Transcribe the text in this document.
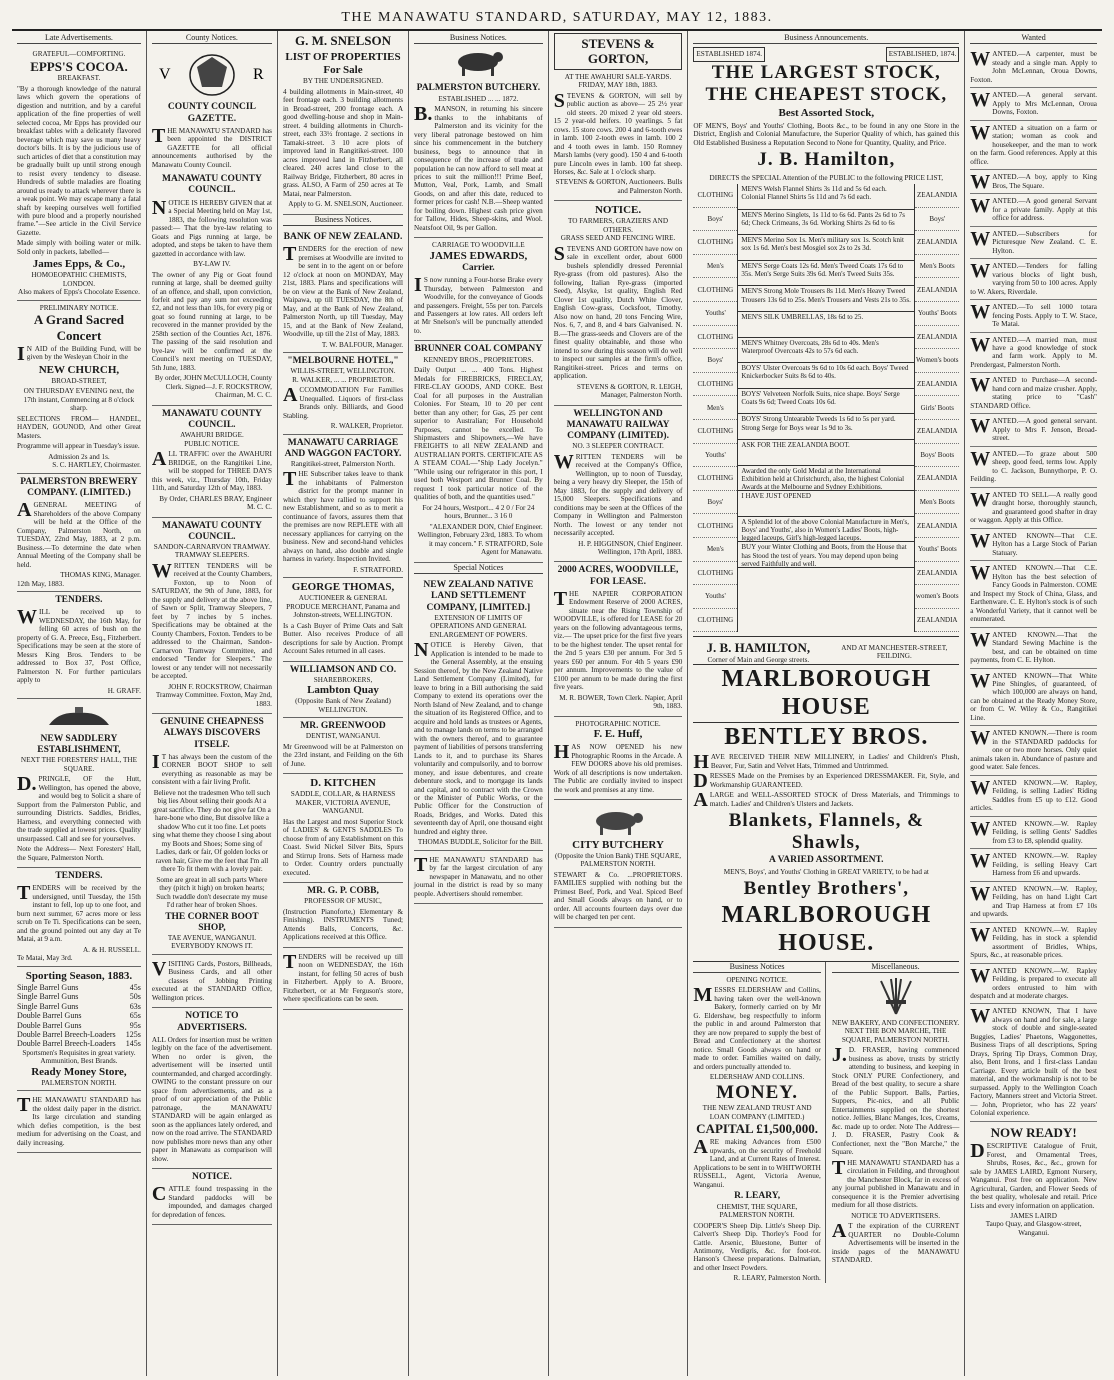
THE MANAWATU STANDARD, SATURDAY, MAY 12, 1883.
Late Advertisements.
GRATEFUL—COMFORTING.
EPPS'S COCOA.
BREAKFAST.

"By a thorough knowledge of the natural laws which govern the operations of digestion and nutrition, and by a careful application of the fine properties of well selected cocoa, Mr Epps has provided our breakfast tables with a delicately flavored beverage which may save us many heavy doctor's bills. It is by the judicious use of such articles of diet that a constitution may be gradually built up until strong enough to resist every tendency to disease. Hundreds of subtle maladies are floating around us ready to attack wherever there is a weak point. We may escape many a fatal shaft by keeping ourselves well fortified with pure blood and a properly nourished frame."—See article in the Civil Service Gazette.

Made simply with boiling water or milk. Sold only in packets, labelled—

James Epps, & Co.,
HOMOEOPATHIC CHEMISTS, LONDON.
Also makers of Epps's Chocolate Essence.
PRELIMINARY NOTICE.
A Grand Sacred Concert

IN AID of the Building Fund, will be given by the Wesleyan Choir in the

NEW CHURCH,
BROAD-STREET,

ON THURSDAY EVENING next, the 17th instant, Commencing at 8 o'clock sharp.

SELECTIONS FROM— HANDEL, HAYDEN, GOUNOD, And other Great Masters.

Programme will appear in Tuesday's issue.

Admission 2s and 1s.
S. C. HARTLEY, Choirmaster.
PALMERSTON BREWERY COMPANY. (LIMITED.)

AGENERAL MEETING of Shareholders of the above Company will be held at the Office of the Company, Palmerston North, on TUESDAY, 22nd May, 1883, at 2 p.m. Business.—To determine the date when Annual Meeting of the Company shall be held.

THOMAS KING, Manager.
12th May, 1883.
TENDERS.

WILL be received up to WEDNESDAY, the 16th May, for felling 60 acres of bush on the property of G. A. Preece, Esq., Fitzherbert. Specifications may be seen at the store of Messrs King Bros. Tenders to be addressed to Box 37, Post Office, Palmerston N. For further particulars apply to

H. GRAFF.
NEW SADDLERY ESTABLISHMENT,
NEXT THE FORESTERS' HALL, THE SQUARE.

D.PRINGLE, OF the Hutt, Wellington, has opened the above, and would beg to Solicit a share of Support from the Palmerston Public, and surrounding Districts. Saddles, Bridles, Harness, and everything connected with the trade supplied at lowest prices. Quality unsurpassed. Call and see for yourselves.

Note the Address— Next Foresters' Hall, the Square, Palmerston North.

TENDERS.

TENDERS will be received by the undersigned, until Tuesday, the 15th instant to fell, lop up to one foot, and burn next summer, 67 acres more or less scrub on Te Ti. Specifications can be seen, and the ground pointed out any day at Te Matai, at 9 a.m.

A. & H. RUSSELL.
Te Matai, May 3rd.
Sporting Season, 1883.
Single Barrel Guns	45s
Single Barrel Guns	50s
Single Barrel Guns	63s
Double Barrel Guns	65s
Double Barrel Guns	95s
Double Barrel Breech-Loaders 125s
Double Barrel Breech-Loaders 145s
Sportsmen's Requisites in great variety.
Ammunition, Best Brands.
Ready Money Store,
PALMERSTON NORTH.

THE MANAWATU STANDARD has the oldest daily paper in the district. Its large circulation and standing which defies competition, is the best medium for advertising on the Coast, and daily increasing.

County Notices.
V	R
COUNTY COUNCIL GAZETTE.

THE MANAWATU STANDARD has been appointed the DISTRICT GAZETTE for all official announcements authorised by the Manawatu County Council.

MANAWATU COUNTY COUNCIL.

NOTICE IS HEREBY GIVEN that at a Special Meeting held on May 1st, 1883, the following resolution was passed:— That the bye-law relating to Goats and Pigs running at large, be adopted, and steps be taken to have them gazetted in accordance with law.

BY-LAW IV.

The owner of any Pig or Goat found running at large, shall be deemed guilty of an offence, and shall, upon conviction, forfeit and pay any sum not exceeding £2, and not less than 10s, for every pig or goat so found running at large, to be recovered in the manner provided by the 258th section of the Counties Act, 1876. The passing of the said resolution and bye-law will be confirmed at the Council's next meeting on TUESDAY, 5th June, 1883.

By order, JOHN McCULLOCH, County Clerk. Signed—J. F. ROCKSTROW, Chairman, M. C. C.

MANAWATU COUNTY COUNCIL.
AWAHURI BRIDGE.
PUBLIC NOTICE.

ALL TRAFFIC over the AWAHURI BRIDGE, on the Rangitikei Line, will be stopped for THREE DAYS this week, viz., Thursday 10th, Friday 11th, and Saturday 12th of May, 1883.

By Order, CHARLES BRAY, Engineer M. C. C.

MANAWATU COUNTY COUNCIL.
SANDON-CARNARVON TRAMWAY.
TRAMWAY SLEEPERS.

WRITTEN TENDERS will be received at the County Chambers, Foxton, up to Noon of SATURDAY, the 9th of June, 1883, for the supply and delivery at the above line, of Sawn or Split, Tramway Sleepers, 7 feet by 7 inches by 5 inches. Specifications may be obtained at the County Chambers, Foxton. Tenders to be addressed to the Chairman, Sandon-Carnarvon Tramway Committee, and endorsed "Tender for Sleepers." The lowest or any tender will not necessarily be accepted.

JOHN F. ROCKSTROW, Chairman Tramway Committee. Foxton, May 2nd, 1883.

GENUINE CHEAPNESS ALWAYS DISCOVERS ITSELF.

IT has always been the custom of the CORNER BOOT SHOP to sell everything as reasonable as may be consistent with a fair living Profit.

Believe not the tradesmen Who tell such big lies About selling their goods At a great sacrifice. They do not give fat On a hare-bone who dine, But dissolve like a shadow Who cut it too fine. Let poets sing what theme they choose I sing about my Boots and Shoes; Some sing of Ladies, dark or fair, Of golden locks or raven hair, Give me the feet that I'm all there To fit them with a lovely pair.

Some are great in all such parts Where they (pitch it high) on broken hearts; Such twaddle don't desecrate my muse I'd rather hear of broken Shoes.

THE CORNER BOOT SHOP,
TAE AVENUE, WANGANUI.
EVERYBODY KNOWS IT.

VISITING Cards, Postors, Billheads, Business Cards, and all other classes of Jobbing Printing executed at the STANDARD Office, Wellington prices.

NOTICE TO ADVERTISERS.

ALL Orders for insertion must be written legibly on the face of the advertisement. When no order is given, the advertisement will be inserted until countermanded, and charged accordingly. OWING to the constant pressure on our space from advertisements, and as a proof of our appreciation of the Public patronage, the MANAWATU STANDARD will be again enlarged as soon as the appliances lately ordered, and now on the road arrive. The STANDARD now publishes more news than any other paper in Manawatu as comparison will show.

NOTICE.

CATTLE found trespassing in the Standard paddocks will be impounded, and damages charged for depredation of fences.

G. M. SNELSON
LIST OF PROPERTIES For Sale
BY THE UNDERSIGNED.

4 building allotments in Main-street, 40 feet frontage each. 3 building allotments in Broad-street, 200 frontage each. A good dwelling-house and shop in Main-street. 4 building allotments in Church-street, each 33½ frontage. 2 sections in Tamaki-street. 3 10 acre plots of improved land in Rangitikei-street. 100 acres improved land in Fitzherbert, all cleared. 240 acres land close to the Railway Bridge, Fitzherbert, 80 acres in grass. ALSO, A Farm of 250 acres at Te Matai, near Palmerston.

Apply to G. M. SNELSON, Auctioneer.

Business Notices.
BANK OF NEW ZEALAND.

TENDERS for the erection of new premises at Woodville are invited to be sent in to the agent on or before 12 o'clock at noon on MONDAY, May 21st, 1883. Plans and specifications will be on view at the Bank of New Zealand, Waipawa, up till TUESDAY, the 8th of May, and at the Bank of New Zealand, Palmerston North, up till Tuesday, May 15, and at the Bank of New Zealand, Woodville, up till the 21st of May, 1883.

T. W. BALFOUR, Manager.
"MELBOURNE HOTEL,"
WILLIS-STREET, WELLINGTON.
R. WALKER, ... ... PROPRIETOR.

ACCOMMODATION For Families Unequalled. Liquors of first-class Brands only. Billiards, and Good Stabling.

R. WALKER, Proprietor.
MANAWATU CARRIAGE AND WAGGON FACTORY.
Rangitikei-street, Palmerston North.

THE Subscriber takes leave to thank the inhabitants of Palmerston district for the prompt manner in which they have rallied to support his new Establishment, and so as to merit a continuance of favors, assures them that the premises are now REPLETE with all necessary appliances for carrying on the business. New and second-hand vehicles always on hand, also double and single harness in variety. Inspection Invited.

F. STRATFORD.
GEORGE THOMAS,
AUCTIONEER & GENERAL PRODUCE MERCHANT, Panama and Johnston-streets, WELLINGTON.

Is a Cash Buyer of Prime Oats and Salt Butter. Also receives Produce of all descriptions for sale by Auction. Prompt Account Sales returned in all cases.

WILLIAMSON AND CO.
SHAREBROKERS,
Lambton Quay
(Opposite Bank of New Zealand) WELLINGTON.
MR. GREENWOOD
DENTIST, WANGANUI.

Mr Greenwood will be at Palmerston on the 23rd instant, and Feilding on the 6th of June.

D. KITCHEN
SADDLE, COLLAR, & HARNESS MAKER, VICTORIA AVENUE, WANGANUI.

Has the Largest and most Superior Stock of LADIES' & GENTS SADDLES To choose from of any Establishment on this Coast. Swid Nickel Silver Bits, Spurs and Stirrup Irons. Sets of Harness made to Order. Country orders punctually executed.

MR. G. P. COBB,
PROFESSOR OF MUSIC,

(Instruction Pianoforte,) Elementary & Finishing). INSTRUMENTS Tuned; Attends Balls, Concerts, &c. Applications received at this Office.

TENDERS will be received up till noon on WEDNESDAY, the 16th instant, for felling 50 acres of bush in Fitzherbert. Apply to A. Broore, Fitzherbert, or at Mr Ferguson's store, where specifications can be seen.

Business Notices.
PALMERSTON BUTCHERY.
ESTABLISHED ... ... 1872.

B.MANSON, in returning his sincere thanks to the inhabitants of Palmerston and its vicinity for the very liberal patronage bestowed on him since his commencement in the butchery business, begs to announce that in consequence of the increase of trade and population he can now afford to sell meat at prices to suit the million!!! Prime Beef, Mutton, Veal, Pork, Lamb, and Small Goods, on and after this date, reduced to former prices for cash! N.B.—Sheep wanted for boiling down. Highest cash price given for Tallow, Hides, Sheep-skins, and Wool. Neatsfoot Oil, 9s per Gallon.

CARRIAGE TO WOODVILLE
JAMES EDWARDS,
Carrier.

IS now running a Four-horse Brake every Thursday, between Palmerston and Woodville, for the conveyance of Goods and passengers. Freight, 55s per ton. Parcels and Passengers at low rates. All orders left at Mr Snelson's will be punctually attended to.

BRUNNER COAL COMPANY
KENNEDY BROS., PROPRIETORS.

Daily Output ... ... 400 Tons. Highest Medals for FIREBRICKS, FIRECLAY, FIRE-CLAY GOODS, AND COKE. Best Coal for all purposes in the Australian Colonies. For Steam, 10 to 20 per cent better than any other; for Gas, 25 per cent superior to Australian; For Household Purposes, cannot be excelled. To Shipmasters and Shipowners,—We have FREIGHTS to all NEW ZEALAND and AUSTRALIAN PORTS. CERTIFICATE AS A STEAM COAL—"Ship Lady Jocelyn." "While using our refrigerator in this port, I used both Westport and Brunner Coal. By request I took particular notice of the qualities of both, and the quantities used."

For 24 hours, Westport... 4 2 0 / For 24 hours, Brunner... 3 16 0

"ALEXANDER DON, Chief Engineer. Wellington, February 23rd, 1883. To whom it may concern." F. STRATFORD, Sole Agent for Manawatu.

Special Notices
NEW ZEALAND NATIVE LAND SETTLEMENT COMPANY, [LIMITED.]
EXTENSION OF LIMITS OF OPERATIONS AND GENERAL ENLARGEMENT OF POWERS.

NOTICE is Hereby Given, that Application is intended to be made to the General Assembly, at the ensuing Session thereof, by the New Zealand Native Land Settlement Company (Limited), for leave to bring in a Bill authorising the said Company to extend its operations over the North Island of New Zealand, and to change the situation of its Registered Office, and to acquire and hold lands as trustees or Agents, and to manage lands on terms to be arranged with the owners thereof, and to guarantee payment of liabilities of persons transferring Lands to it, and to purchase its Shares voluntarily and compulsorily, and to borrow money, and issue debentures, and create debenture stock, and to mortgage its lands and capital, and to contract with the Crown or the Minister of Public Works, or the Public Officer for the Construction of Roads, Bridges, and Works. Dated this seventeenth day of April, one thousand eight hundred and eighty three.

THOMAS BUDDLE, Solicitor for the Bill.

THE MANAWATU STANDARD has by far the largest circulation of any newspaper in Manawatu, and no other journal in the district is read by so many people. Advertisers should remember.

STEVENS & GORTON,
AT THE AWAHURI SALE-YARDS.
FRIDAY, MAY 18th, 1883.

STEVENS & GORTON, will sell by public auction as above— 25 2½ year old steers. 20 mixed 2 year old steers. 15 2 year-old heifers. 10 yearlings. 5 fat cows. 15 store cows. 200 4 and 6-tooth ewes in lamb. 100 2-tooth ewes in lamb. 100 2 and 4 tooth ewes in lamb. 150 Romney Marsh lambs (very good). 150 4 and 6-tooth pure Lincoln ewes in lamb. 100 fat sheep. Horses, &c. Sale at 1 o'clock sharp.

STEVENS & GORTON, Auctioneers. Bulls and Palmerston North.

NOTICE.
TO FARMERS, GRAZIERS AND OTHERS.
GRASS SEED AND FENCING WIRE.

STEVENS AND GORTON have now on sale in excellent order, about 6000 bushels splendidly dressed Perennial Rye-grass (from old pastures). Also the following, Italian Rye-grass (imported Seed), Alsyke, 1st quality, English Red Clover 1st quality, Dutch White Clover, English Cow-grass, Cocksfoot, Timothy. Also now on hand, 20 tons Fencing Wire, Nos. 6, 7, and 8, and 4 bars Galvanised. N. B.—The grass-seeds and Clovers are of the finest quality obtainable, and those who intend to sow during this season will do well to inspect our samples at the firm's office, Rangitikei-street. Prices and terms on application.

STEVENS & GORTON, R. LEIGH, Manager, Palmerston North.

WELLINGTON AND MANAWATU RAILWAY COMPANY (LIMITED).
NO. 3 SLEEPER CONTRACT.

WRITTEN TENDERS will be received at the Company's Office, Wellington, up to noon of Tuesday, being a very heavy dry Sleeper, the 15th of May 1883, for the supply and delivery of 15,000 Sleepers. Specifications and conditions may be seen at the Offices of the Company in Wellington and Palmerston North. The lowest or any tender not necessarily accepted.

H. P. HIGGINSON, Chief Engineer. Wellington, 17th April, 1883.

2000 ACRES, WOODVILLE, FOR LEASE.

THE NAPIER CORPORATION Endowment Reserve of 2000 ACRES, situate near the Rising Township of WOODVILLE, is offered for LEASE for 20 years on the following advantageous terms, viz.— The upset price for the first five years to be the highest tender. The upset rental for the 2nd 5 years £30 per annum. For 3rd 5 years £60 per annum. For 4th 5 years £90 per annum. Improvements to the value of £100 per annum to be made during the first five years.

M. R. BOWER, Town Clerk. Napier, April 9th, 1883.

PHOTOGRAPHIC NOTICE.
F. E. Huff,

HAS NOW OPENED his new Photographic Rooms in the Arcade. A FEW DOORS above his old premises. Work of all descriptions is now undertaken. The Public are cordially invited to inspect the work and premises at any time.

CITY BUTCHERY
(Opposite the Union Bank) THE SQUARE, PALMERSTON NORTH.

STEWART & Co. ...PROPRIETORS. FAMILIES supplied with nothing but the Primest Beef, Pork, and Veal. Spiced Beef and Small Goods always on hand, or to order. All accounts fourteen days over due will be charged ten per cent.

Business Announcements.
ESTABLISHED 1874.	ESTABLISHED, 1874.
THE LARGEST STOCK,
THE CHEAPEST STOCK,
Best Assorted Stock,

OF MEN'S, Boys' and Youths' Clothing, Boots &c., to be found in any one Store in the District, English and Colonial Manufacture, the Superior Quality of which, has gained this Old Established Business a Reputation Second to None for Quantity, Quality, and Price.

J. B. Hamilton,

DIRECTS the SPECIAL Attention of the PUBLIC to the following PRICE LIST,

CLOTHING
Boys'
CLOTHING
Men's
CLOTHING
Youths'
CLOTHING
Boys'
CLOTHING
Men's
CLOTHING
Youths'
CLOTHING
Boys'
CLOTHING
Men's
CLOTHING
Youths'
CLOTHING
MEN'S Welsh Flannel Shirts 3s 11d and 5s 6d each. Colonial Flannel Shirts 5s 11d and 7s 6d each.
MEN'S Merino Singlets, 1s 11d to 6s 6d. Pants 2s 6d to 7s 6d; Check Crimeans, 3s 6d. Working Shirts 2s 6d to 6s
MEN'S Merino Sox 1s. Men's military sox 1s. Scotch knit sox 1s 6d. Men's best Mosgiel sox 2s to 2s 3d.
MEN'S Serge Coats 12s 6d. Men's Tweed Coats 17s 6d to 35s. Men's Serge Suits 39s 6d. Men's Tweed Suits 35s.
MEN'S Strong Mole Trousers 8s 11d. Men's Heavy Tweed Trousers 13s 6d to 25s. Men's Trousers and Vests 21s to 35s.
MEN'S SILK UMBRELLAS, 18s 6d to 25.
MEN'S Whitney Overcoats, 28s 6d to 40s. Men's Waterproof Overcoats 42s to 57s 6d each.
BOYS' Ulster Overcoats 9s 6d to 10s 6d each. Boys' Tweed Knickerbocker Suits 8s 6d to 40s.
BOYS' Velveteen Norfolk Suits, nice shape. Boys' Serge Coats 9s 6d; Tweed Coats 10s 6d.
BOYS' Strong Untearable Tweeds 1s 6d to 5s per yard. Strong Serge for Boys wear 1s 9d to 3s.
ASK FOR THE ZEALANDIA BOOT.
Awarded the only Gold Medal at the International Exhibition held at Christchurch, also, the highest Colonial Awards at the Melbourne and Sydney Exhibitions.
I HAVE JUST OPENED
A Splendid lot of the above Colonial Manufacture in Men's, Boys' and Youths', also in Women's Ladies' Boots, high-legged laceups, Girl's high-legged laceups.
BUY your Winter Clothing and Boots, from the House that has Stood the test of years. You may depend upon being served Faithfully and well.
ZEALANDIA
Boys'
ZEALANDIA
Men's Boots
ZEALANDIA
Youths' Boots
ZEALANDIA
Women's boots
ZEALANDIA
Girls' Boots
ZEALANDIA
Boys' Boots
ZEALANDIA
Men's Boots
ZEALANDIA
Youths' Boots
ZEALANDIA
women's Boots
ZEALANDIA
J. B. HAMILTON,
Corner of Main and George streets.
AND AT MANCHESTER-STREET, FEILDING.
MARLBOROUGH HOUSE
BENTLEY BROS.

HAVE RECEIVED THEIR NEW MILLINERY, in Ladies' and Children's Plush, Beaver, Fur, Satin and Velvet Hats, Trimmed and Untrimmed.

DRESSES Made on the Premises by an Experienced DRESSMAKER. Fit, Style, and Workmanship GUARANTEED.

ALARGE and WELL-ASSORTED STOCK of Dress Materials, and Trimmings to match. Ladies' and Children's Ulsters and Jackets.

Blankets, Flannels, & Shawls,
A VARIED ASSORTMENT.

MEN'S, Boys', and Youths' Clothing in GREAT VARIETY, to be had at

Bentley Brothers',
MARLBOROUGH HOUSE.
Business Notices
OPENING NOTICE.

MESSRS ELDERSHAW and Collins, having taken over the well-known Bakery, formerly carried on by Mr G. Eldershaw, beg respectfully to inform the public in and around Palmerston that they are now prepared to supply the best of Bread and Confectionery at the shortest notice. Small Goods always on hand or made to order. Families waited on daily, and orders punctually attended to.

ELDERSHAW AND COLLINS.
MONEY.
THE NEW ZEALAND TRUST AND LOAN COMPANY (LIMITED.)
CAPITAL £1,500,000.

ARE making Advances from £500 upwards, on the security of Freehold Land, and at Current Rates of Interest. Applications to be sent in to WHITWORTH RUSSELL, Agent, Victoria Avenue, Wanganui.

R. LEARY,
CHEMIST, THE SQUARE, PALMERSTON NORTH.

COOPER'S Sheep Dip. Little's Sheep Dip. Calvert's Sheep Dip. Thorley's Food for Cattle. Arsenic, Bluestone, Butter of Antimony, Verdigris, &c. for foot-rot. Hanson's Cheese preparations. Dalmatian, and other Insect Powders.

R. LEARY, Palmerston North.
Miscellaneous.
NEW BAKERY, AND CONFECTIONERY.
NEXT THE BON MARCHE, THE SQUARE, PALMERSTON NORTH.

J.D. FRASER, having commenced business as above, trusts by strictly attending to business, and keeping in Stock ONLY PURE Confectionery, and Bread of the best quality, to secure a share of the Public Support. Balls, Parties, Suppers, Pic-nics, and all Public Entertainments supplied on the shortest notice. Jellies, Blanc Manges, Ices, Creams, &c. made up to order. Note The Address— J. D. FRASER, Pastry Cook & Confectioner, next the "Bon Marche," the Square.

THE MANAWATU STANDARD has a circulation in Feilding, and throughout the Manchester Block, far in excess of any journal published in Manawatu and in consequence it is the Premier advertising medium for all those districts.

NOTICE TO ADVERTISERS.

AT the expiration of the CURRENT QUARTER no Double-Column Advertisements will be inserted in the inside pages of the MANAWATU STANDARD.

Wanted

WANTED.—A carpenter, must be steady and a single man. Apply to John McLennan, Oroua Downs, Foxton.

WANTED.—A general servant. Apply to Mrs McLennan, Oroua Downs, Foxton.

WANTED a situation on a farm or station; woman as cook and housekeeper, and the man to work on the farm. Good references. Apply at this office.

WANTED.—A boy, apply to King Bros, The Square.

WANTED.—A good general Servant for a private family. Apply at this office for address.

WANTED.—Subscribers for Picturesque New Zealand. C. E. Hylton.

WANTED.—Tenders for falling various blocks of light bush, varying from 50 to 100 acres. Apply to W. Akers, Riverdale.

WANTED.—To sell 1000 totara fencing Posts. Apply to T. W. Stace, Te Matai.

WANTED.—A married man, must have a good knowledge of stock and farm work. Apply to M. Prendergast, Palmerston North.

WANTED to Purchase—A second-hand corn and maize crusher. Apply, stating price to "Cash" STANDARD Office.

WANTED.—A good general servant. Apply to Mrs F. Jenson, Broad-street.

WANTED.—To graze about 500 sheep, good feed, terms low. Apply to C. Jackson, Bunnythorpe, P. O. Feilding.

WANTED TO SELL—A really good draught horse, thoroughly staunch, and guaranteed good shafter in dray or waggon. Apply at this Office.

WANTED KNOWN—That C.E. Hylton has a Large Stock of Parian Statuary.

WANTED KNOWN.—That C.E. Hylton has the best selection of Fancy Goods in Palmerston. COME and Inspect my Stock of China, Glass, and Earthenware. C. E. Hylton's stock is of such a Wonderful Variety, that it cannot well be enumerated.

WANTED KNOWN.—That the Standard Sewing Machine is the best, and can be obtained on time payments, from C. E. Hylton.

WANTED KNOWN—That White Pine Shingles, of guaranteed, of which 100,000 are always on hand, can be obtained at the Ready Money Store, or from C. W. Wiley & Co., Rangitikei Line.

WANTED KNOWN.—There is room in the STANDARD paddocks for one or two more horses. Only quiet animals taken in. Abundance of pasture and good water. Sale fences.

WANTED KNOWN.—W. Rapley, Feilding, is selling Ladies' Riding Saddles from £5 up to £12. Good articles.

WANTED KNOWN.—W. Rapley Feilding, is selling Gents' Saddles from £3 to £8, splendid quality.

WANTED KNOWN.—W. Rapley Feilding, is selling Heavy Cart Harness from £6 and upwards.

WANTED KNOWN.—W. Rapley, Feilding, has on hand Light Cart and Trap Harness at from £7 10s and upwards.

WANTED KNOWN.—W. Rapley Feilding, has in stock a splendid assortment of Bridles, Whips, Spurs, &c., at reasonable prices.

WANTED KNOWN.—W. Rapley Feilding, is prepared to execute all orders entrusted to him with despatch and at moderate charges.

WANTED KNOWN, That I have always on hand and for sale, a large stock of double and single-seated Buggies, Ladies' Phaetons, Waggonettes, Business Traps of all descriptions, Spring Drays, Spring Tip Drays, Common Dray, also, Bent Irons, and 1 first-class Landau Carriage. Every article built of the best material, and the workmanship is not to be surpassed. Apply to the Wellington Coach Factory, Manners street and Victoria Street. — John, Proprietor, who has 22 years' Colonial experience.

NOW READY!

DESCRIPTIVE Catalogue of Fruit, Forest, and Ornamental Trees, Shrubs, Roses, &c., &c., grown for sale by JAMES LAIRD, Egmont Nursery, Wanganui. Post free on application. New Agricultural, Garden, and Flower Seeds of the best quality, wholesale and retail. Price Lists and every information on application.

JAMES LAIRD
Taupo Quay, and Glasgow-street, Wanganui.
